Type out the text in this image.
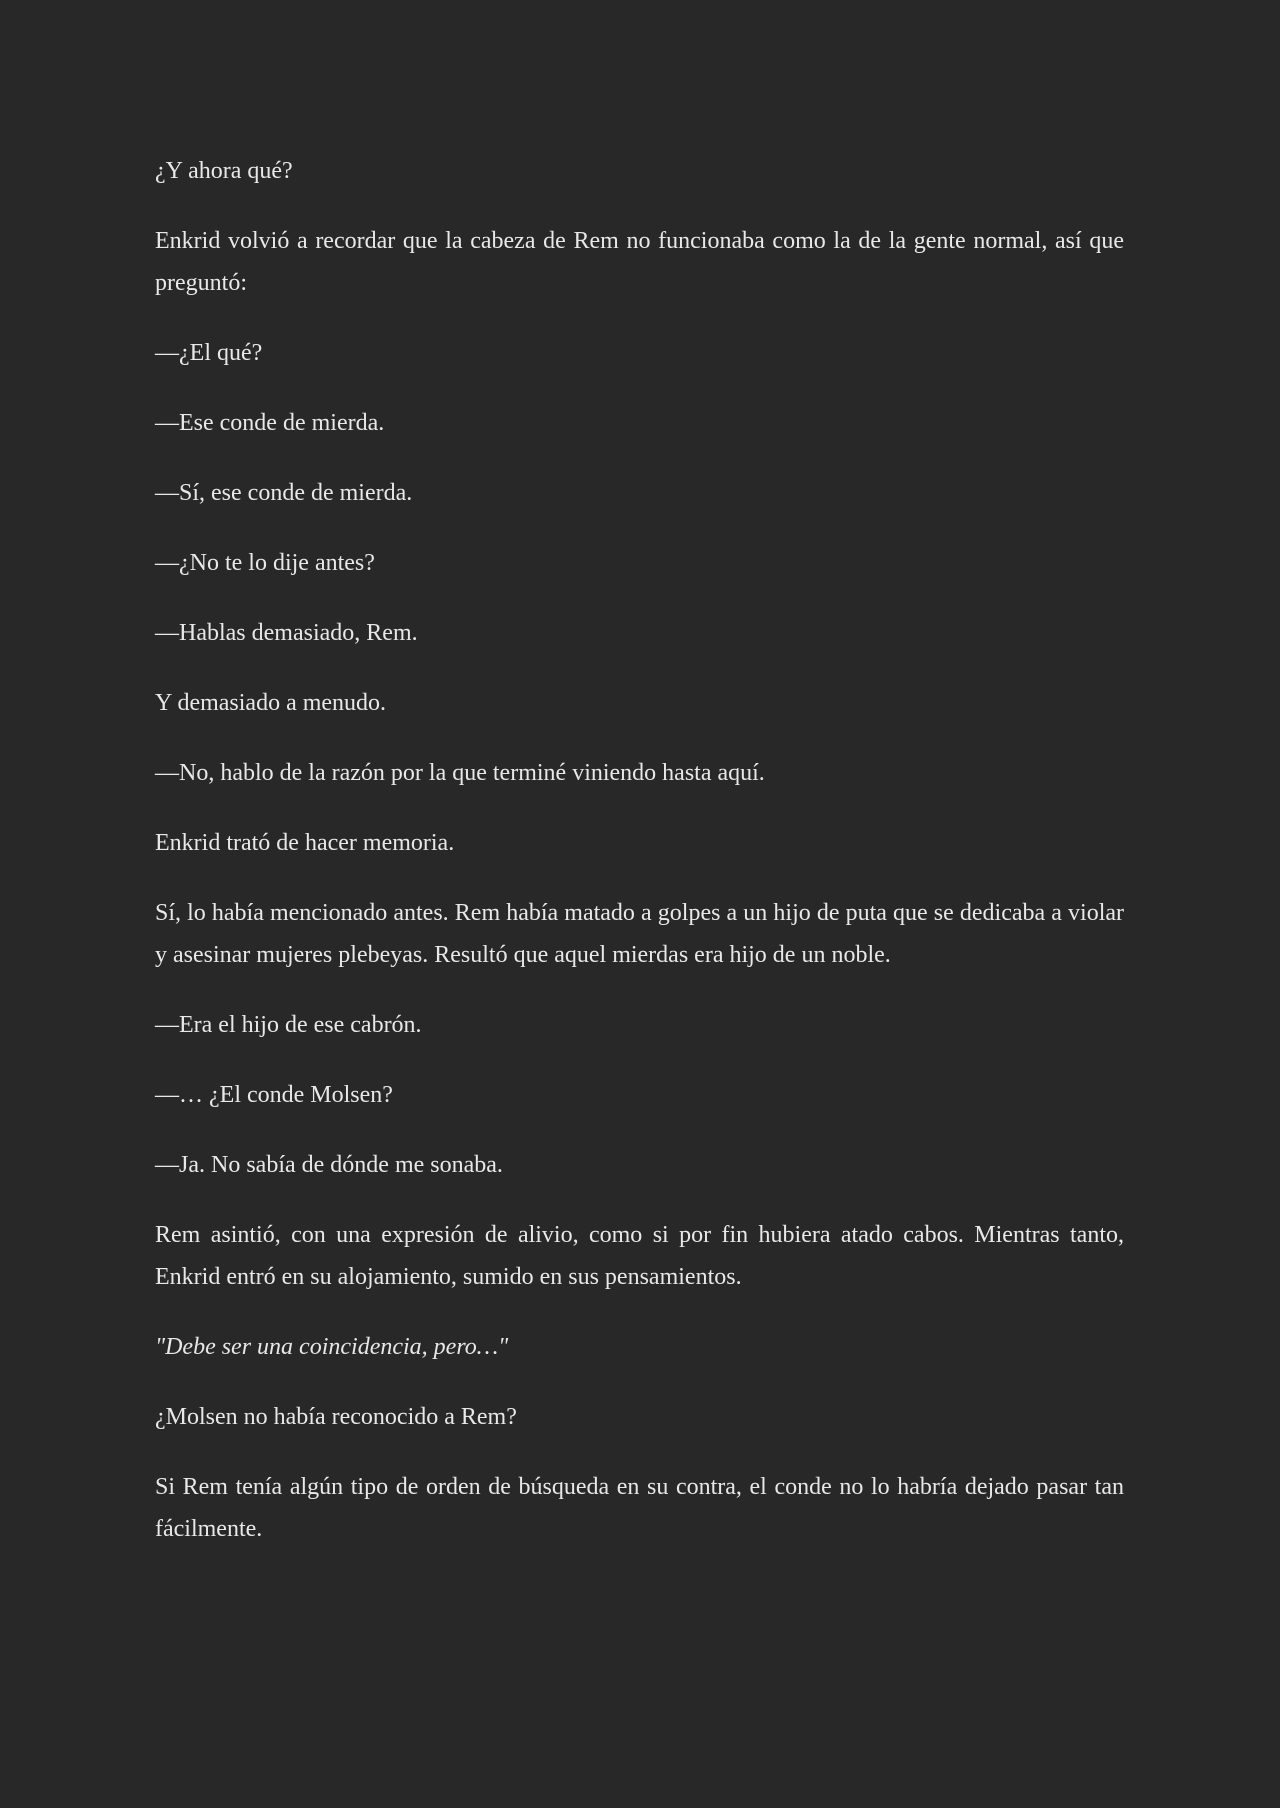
¿Y ahora qué?

Enkrid volvió a recordar que la cabeza de Rem no funcionaba como la de la gente normal, así que preguntó:

—¿El qué?

—Ese conde de mierda.

—Sí, ese conde de mierda.

—¿No te lo dije antes?

—Hablas demasiado, Rem.

Y demasiado a menudo.

—No, hablo de la razón por la que terminé viniendo hasta aquí.

Enkrid trató de hacer memoria.

Sí, lo había mencionado antes. Rem había matado a golpes a un hijo de puta que se dedicaba a violar y asesinar mujeres plebeyas. Resultó que aquel mierdas era hijo de un noble.

—Era el hijo de ese cabrón.

—… ¿El conde Molsen?

—Ja. No sabía de dónde me sonaba.

Rem asintió, con una expresión de alivio, como si por fin hubiera atado cabos. Mientras tanto, Enkrid entró en su alojamiento, sumido en sus pensamientos.

"Debe ser una coincidencia, pero…"

¿Molsen no había reconocido a Rem?

Si Rem tenía algún tipo de orden de búsqueda en su contra, el conde no lo habría dejado pasar tan fácilmente.
